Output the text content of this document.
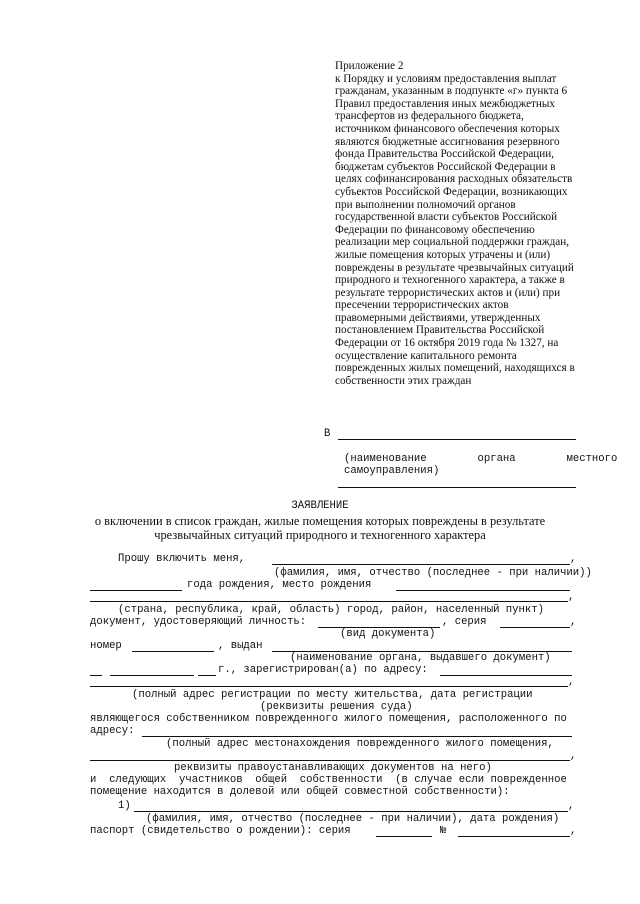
Приложение 2
к Порядку и условиям предоставления выплат
гражданам, указанным в подпункте «г» пункта 6
Правил предоставления иных межбюджетных
трансфертов из федерального бюджета,
источником финансового обеспечения которых
являются бюджетные ассигнования резервного
фонда Правительства Российской Федерации,
бюджетам субъектов Российской Федерации в
целях софинансирования расходных обязательств
субъектов Российской Федерации, возникающих
при выполнении полномочий органов
государственной власти субъектов Российской
Федерации по финансовому обеспечению
реализации мер социальной поддержки граждан,
жилые помещения которых утрачены и (или)
повреждены в результате чрезвычайных ситуаций
природного и техногенного характера, а также в
результате террористических актов и (или) при
пресечении террористических актов
правомерными действиями, утвержденных
постановлением Правительства Российской
Федерации от 16 октября 2019 года № 1327, на
осуществление капитального ремонта
поврежденных жилых помещений, находящихся в
собственности этих граждан
В
(наименование        органа        местного
самоуправления)
ЗАЯВЛЕНИЕ
о включении в список граждан, жилые помещения которых повреждены в результате
чрезвычайных ситуаций природного и техногенного характера
Прошу включить меня,	,
(фамилия, имя, отчество (последнее - при наличии))
года рождения, место рождения
,
(страна, республика, край, область) город, район, населенный пункт)
документ, удостоверяющий личность:	, серия	,
(вид документа)
номер	, выдан
(наименование органа, выдавшего документ)
г., зарегистрирован(а) по адресу:
,
(полный адрес регистрации по месту жительства, дата регистрации
(реквизиты решения суда)
являющегося собственником поврежденного жилого помещения, расположенного по
адресу:
(полный адрес местонахождения поврежденного жилого помещения,
,
реквизиты правоустанавливающих документов на него)
и  следующих  участников  общей  собственности  (в случае если поврежденное
помещение находится в долевой или общей совместной собственности):
1)	,
(фамилия, имя, отчество (последнее - при наличии), дата рождения)
паспорт (свидетельство о рождении): серия	№	,
